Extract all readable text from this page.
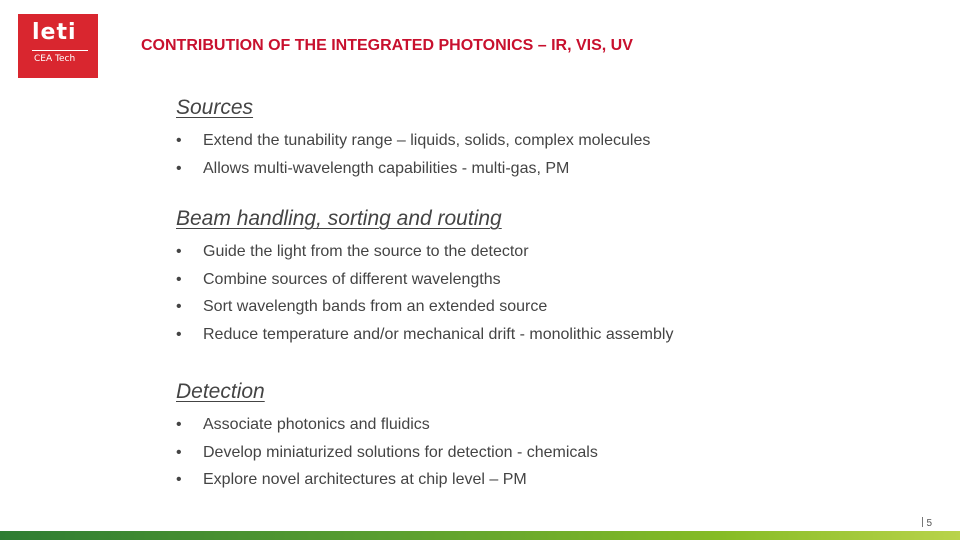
leti
CEA Tech
CONTRIBUTION OF THE INTEGRATED PHOTONICS – IR, VIS, UV
Sources
• Extend the tunability range – liquids, solids, complex molecules
• Allows multi-wavelength capabilities - multi-gas, PM
Beam handling, sorting and routing
• Guide the light from the source to the detector
• Combine sources of different wavelengths
• Sort wavelength bands from an extended source
• Reduce temperature and/or mechanical drift - monolithic assembly
Detection
• Associate photonics and fluidics
• Develop miniaturized solutions for detection - chemicals
• Explore novel architectures at chip level – PM
5
